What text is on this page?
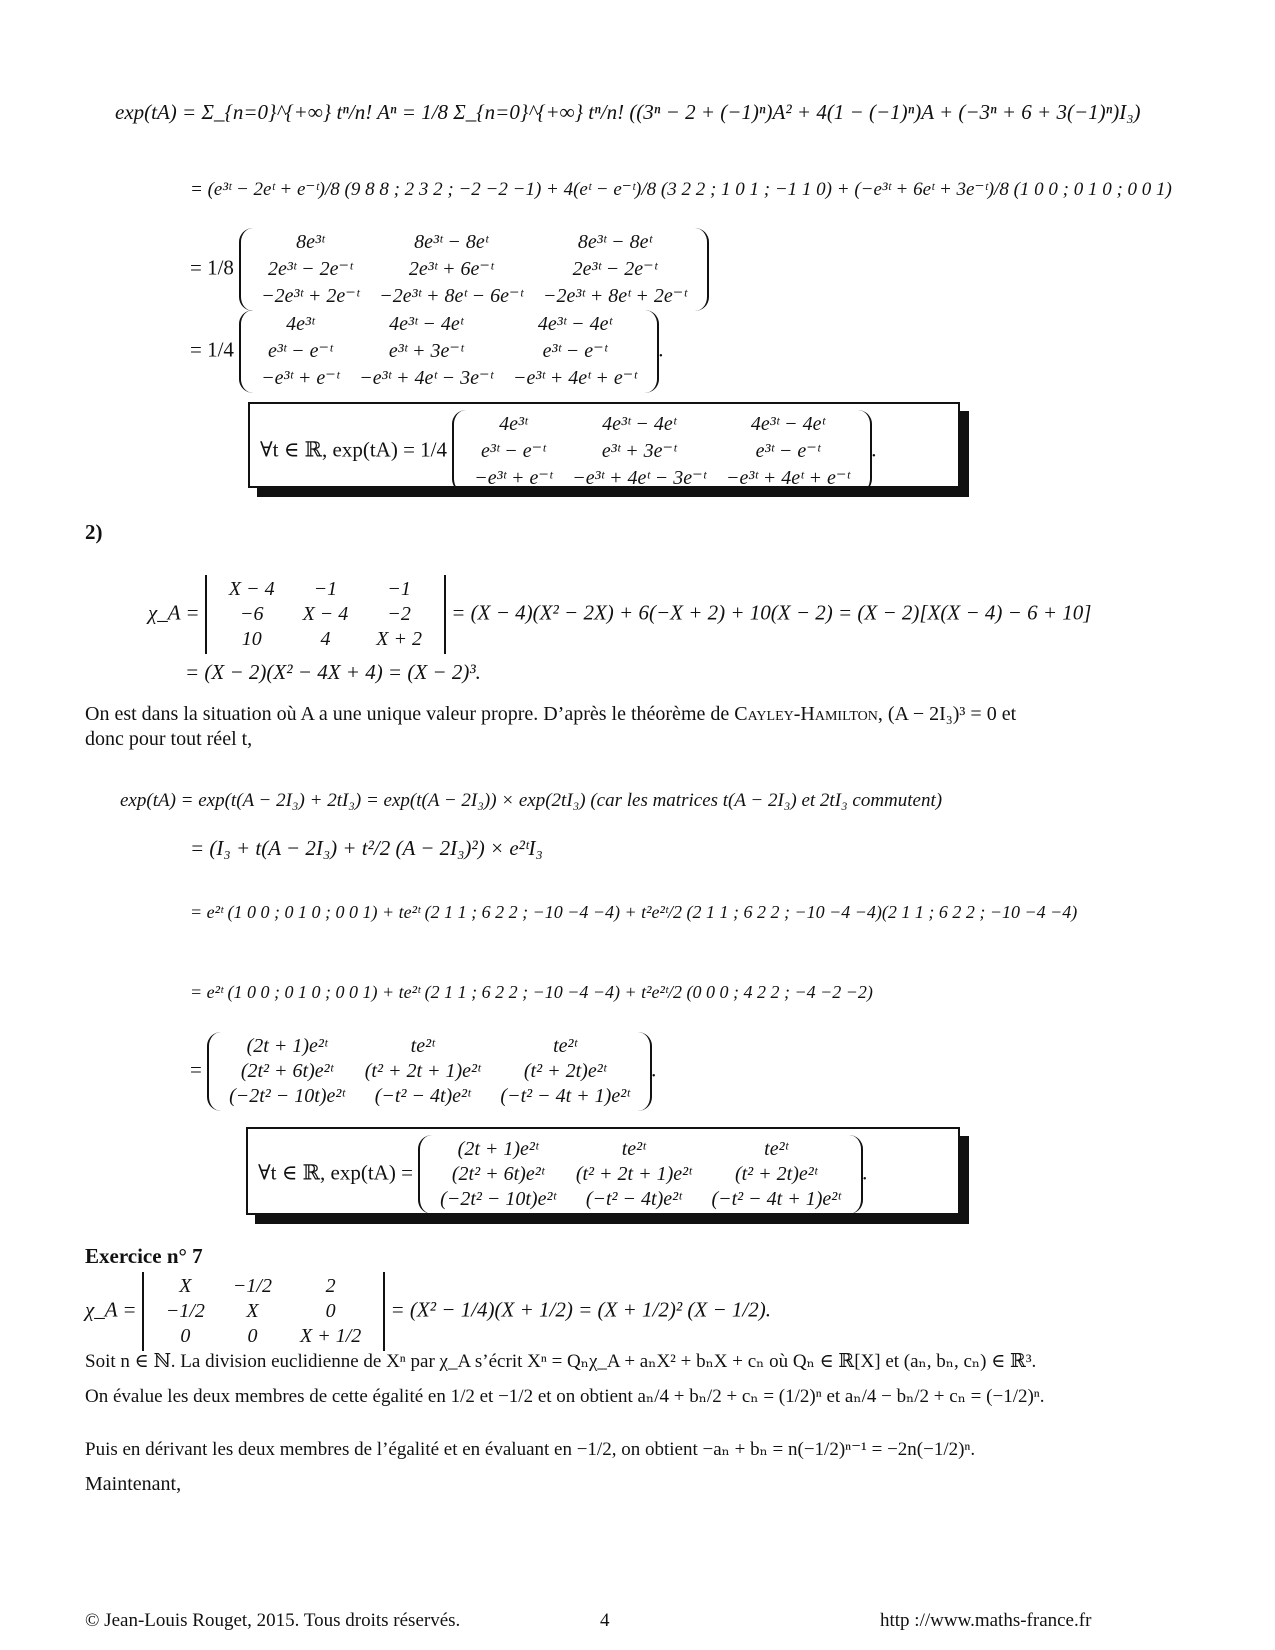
exp(tA) = Σ_{n=0}^{+∞} tⁿ/n! Aⁿ = 1/8 Σ_{n=0}^{+∞} tⁿ/n! ((3ⁿ − 2 + (−1)ⁿ)A² + 4(1 − (−1)ⁿ)A + (−3ⁿ + 6 + 3(−1)ⁿ)I₃)
= (e³ᵗ − 2eᵗ + e⁻ᵗ)/8 (9 8 8 ; 2 3 2 ; −2 −2 −1) + 4(eᵗ − e⁻ᵗ)/8 (3 2 2 ; 1 0 1 ; −1 1 0) + (−e³ᵗ + 6eᵗ + 3e⁻ᵗ)/8 (1 0 0 ; 0 1 0 ; 0 0 1)
= 1/8
8e³ᵗ	8e³ᵗ − 8eᵗ	8e³ᵗ − 8eᵗ
2e³ᵗ − 2e⁻ᵗ	2e³ᵗ + 6e⁻ᵗ	2e³ᵗ − 2e⁻ᵗ
−2e³ᵗ + 2e⁻ᵗ	−2e³ᵗ + 8eᵗ − 6e⁻ᵗ	−2e³ᵗ + 8eᵗ + 2e⁻ᵗ
= 1/4
4e³ᵗ	4e³ᵗ − 4eᵗ	4e³ᵗ − 4eᵗ
e³ᵗ − e⁻ᵗ	e³ᵗ + 3e⁻ᵗ	e³ᵗ − e⁻ᵗ
−e³ᵗ + e⁻ᵗ	−e³ᵗ + 4eᵗ − 3e⁻ᵗ	−e³ᵗ + 4eᵗ + e⁻ᵗ
.
∀t ∈ ℝ, exp(tA) = 1/4
4e³ᵗ	4e³ᵗ − 4eᵗ	4e³ᵗ − 4eᵗ
e³ᵗ − e⁻ᵗ	e³ᵗ + 3e⁻ᵗ	e³ᵗ − e⁻ᵗ
−e³ᵗ + e⁻ᵗ	−e³ᵗ + 4eᵗ − 3e⁻ᵗ	−e³ᵗ + 4eᵗ + e⁻ᵗ
.
2)
χ_A =
X − 4	−1	−1
−6	X − 4	−2
10	4	X + 2
= (X − 4)(X² − 2X) + 6(−X + 2) + 10(X − 2) = (X − 2)[X(X − 4) − 6 + 10]
= (X − 2)(X² − 4X + 4) = (X − 2)³.
On est dans la situation où A a une unique valeur propre. D’après le théorème de Cayley-Hamilton, (A − 2I₃)³ = 0 et
donc pour tout réel t,
exp(tA) = exp(t(A − 2I₃) + 2tI₃) = exp(t(A − 2I₃)) × exp(2tI₃) (car les matrices t(A − 2I₃) et 2tI₃ commutent)
= (I₃ + t(A − 2I₃) + t²/2 (A − 2I₃)²) × e²ᵗI₃
= e²ᵗ (1 0 0 ; 0 1 0 ; 0 0 1) + te²ᵗ (2 1 1 ; 6 2 2 ; −10 −4 −4) + t²e²ᵗ/2 (2 1 1 ; 6 2 2 ; −10 −4 −4)(2 1 1 ; 6 2 2 ; −10 −4 −4)
= e²ᵗ (1 0 0 ; 0 1 0 ; 0 0 1) + te²ᵗ (2 1 1 ; 6 2 2 ; −10 −4 −4) + t²e²ᵗ/2 (0 0 0 ; 4 2 2 ; −4 −2 −2)
=
(2t + 1)e²ᵗ	te²ᵗ	te²ᵗ
(2t² + 6t)e²ᵗ	(t² + 2t + 1)e²ᵗ	(t² + 2t)e²ᵗ
(−2t² − 10t)e²ᵗ	(−t² − 4t)e²ᵗ	(−t² − 4t + 1)e²ᵗ
.
∀t ∈ ℝ, exp(tA) =
(2t + 1)e²ᵗ	te²ᵗ	te²ᵗ
(2t² + 6t)e²ᵗ	(t² + 2t + 1)e²ᵗ	(t² + 2t)e²ᵗ
(−2t² − 10t)e²ᵗ	(−t² − 4t)e²ᵗ	(−t² − 4t + 1)e²ᵗ
.
Exercice n° 7
χ_A =
X	−1/2	2
−1/2	X	0
0	0	X + 1/2
= (X² − 1/4)(X + 1/2) = (X + 1/2)² (X − 1/2).
Soit n ∈ ℕ. La division euclidienne de Xⁿ par χ_A s’écrit Xⁿ = Qₙχ_A + aₙX² + bₙX + cₙ où Qₙ ∈ ℝ[X] et (aₙ, bₙ, cₙ) ∈ ℝ³.
On évalue les deux membres de cette égalité en 1/2 et −1/2 et on obtient aₙ/4 + bₙ/2 + cₙ = (1/2)ⁿ et aₙ/4 − bₙ/2 + cₙ = (−1/2)ⁿ.
Puis en dérivant les deux membres de l’égalité et en évaluant en −1/2, on obtient −aₙ + bₙ = n(−1/2)ⁿ⁻¹ = −2n(−1/2)ⁿ.
Maintenant,
© Jean-Louis Rouget, 2015. Tous droits réservés.	4	http ://www.maths-france.fr
